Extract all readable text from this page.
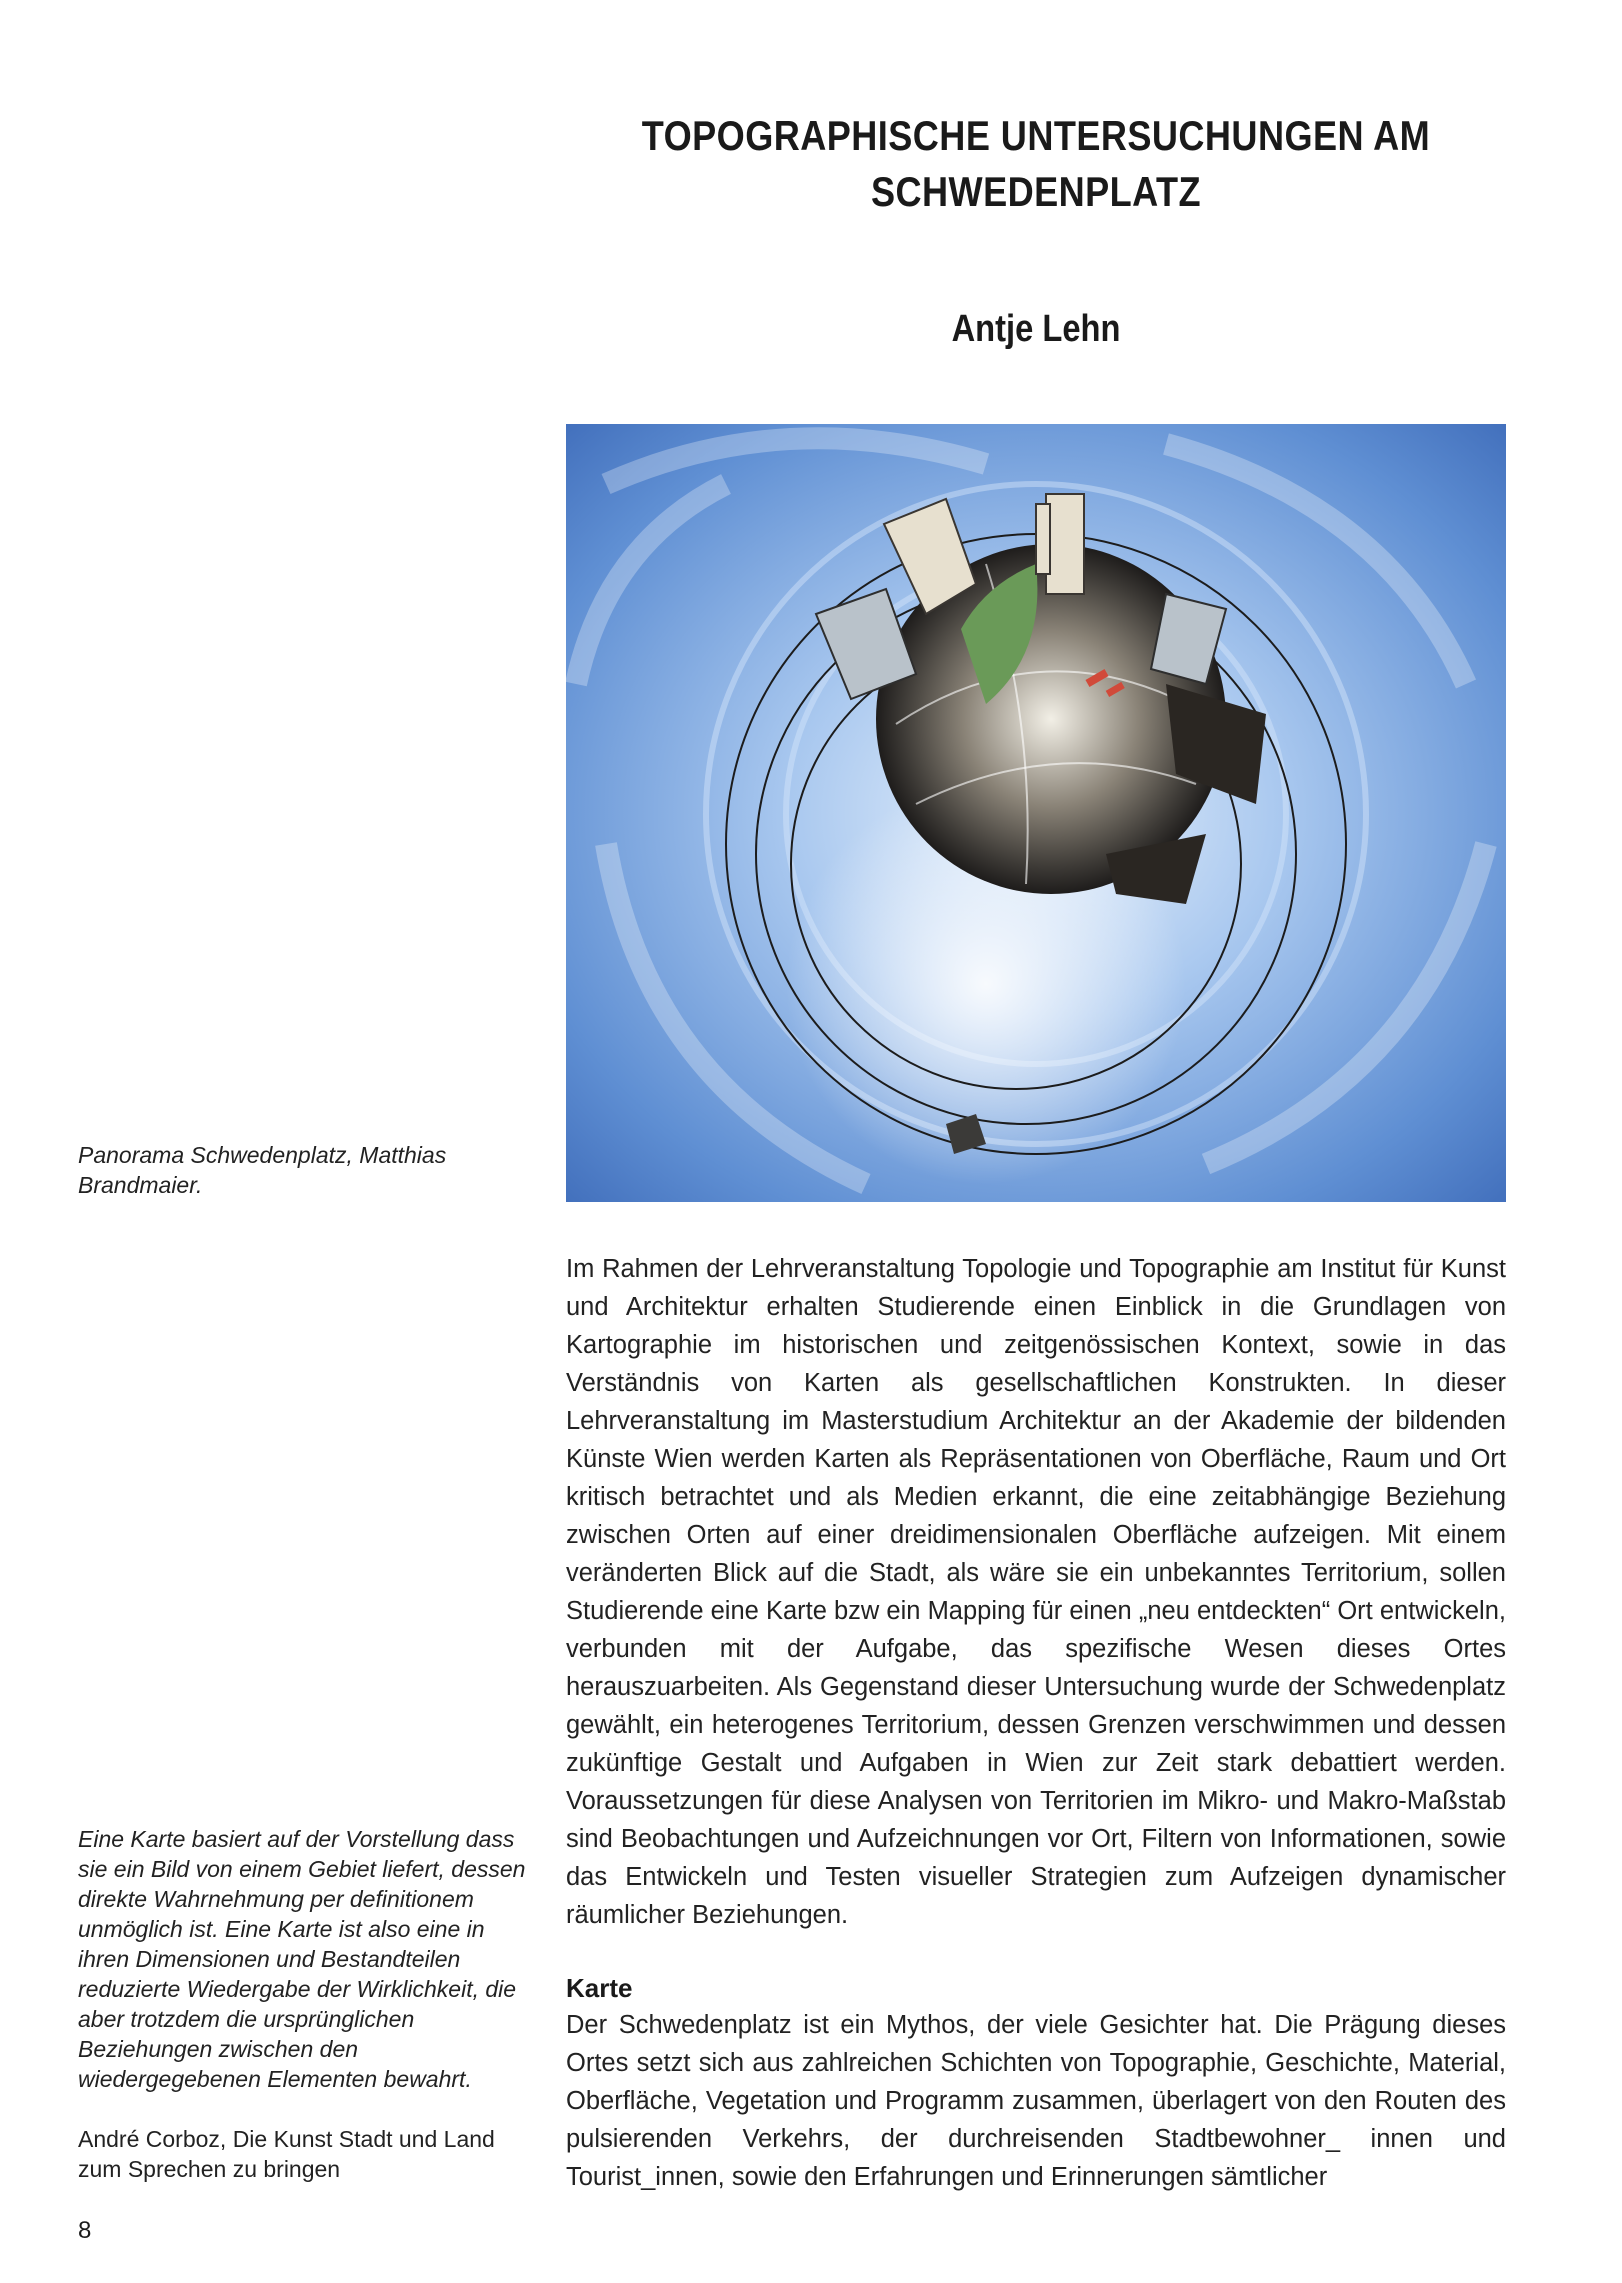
TOPOGRAPHISCHE UNTERSUCHUNGEN AM SCHWEDENPLATZ
Antje Lehn
Panorama Schwedenplatz, Matthias Brandmaier.
Im Rahmen der Lehrveranstaltung Topologie und Topographie am Institut für Kunst und Architektur erhalten Studierende einen Einblick in die Grundlagen von Kartographie im historischen und zeitgenössischen Kontext, sowie in das Verständnis von Karten als gesellschaftlichen Konstrukten. In dieser Lehrveranstaltung im Masterstudium Architektur an der Akademie der bildenden Künste Wien werden Karten als Repräsentationen von Oberfläche, Raum und Ort kritisch betrachtet und als Medien erkannt, die eine zeitabhängige Beziehung zwischen Orten auf einer dreidimensionalen Oberfläche aufzeigen. Mit einem veränderten Blick auf die Stadt, als wäre sie ein unbekanntes Territorium, sollen Studierende eine Karte bzw ein Mapping für einen „neu entdeckten“ Ort entwickeln, verbunden mit der Aufgabe, das spezifische Wesen dieses Ortes herauszuarbeiten. Als Gegenstand dieser Untersuchung wurde der Schwedenplatz gewählt, ein heterogenes Territorium, dessen Grenzen verschwimmen und dessen zukünftige Gestalt und Aufgaben in Wien zur Zeit stark debattiert werden. Voraussetzungen für diese Analysen von Territorien im Mikro- und Makro-Maßstab sind Beobachtungen und Aufzeichnungen vor Ort, Filtern von Informationen, sowie das Entwickeln und Testen visueller Strategien zum Aufzeigen dynamischer räumlicher Beziehungen.
Karte
Der Schwedenplatz ist ein Mythos, der viele Gesichter hat. Die Prägung dieses Ortes setzt sich aus zahlreichen Schichten von Topographie, Geschichte, Material, Oberfläche, Vegetation und Programm zusammen, überlagert von den Routen des pulsierenden Verkehrs, der durchreisenden Stadtbewohner_ innen und Tourist_innen, sowie den Erfahrungen und Erinnerungen sämtlicher
Eine Karte basiert auf der Vorstellung dass sie ein Bild von einem Gebiet liefert, dessen direkte Wahrnehmung per definitionem unmöglich ist. Eine Karte ist also eine in ihren Dimensionen und Bestandteilen reduzierte Wiedergabe der Wirklichkeit, die aber trotzdem die ursprünglichen Beziehungen zwischen den wiedergegebenen Elementen bewahrt.
André Corboz, Die Kunst Stadt und Land zum Sprechen zu bringen
8
